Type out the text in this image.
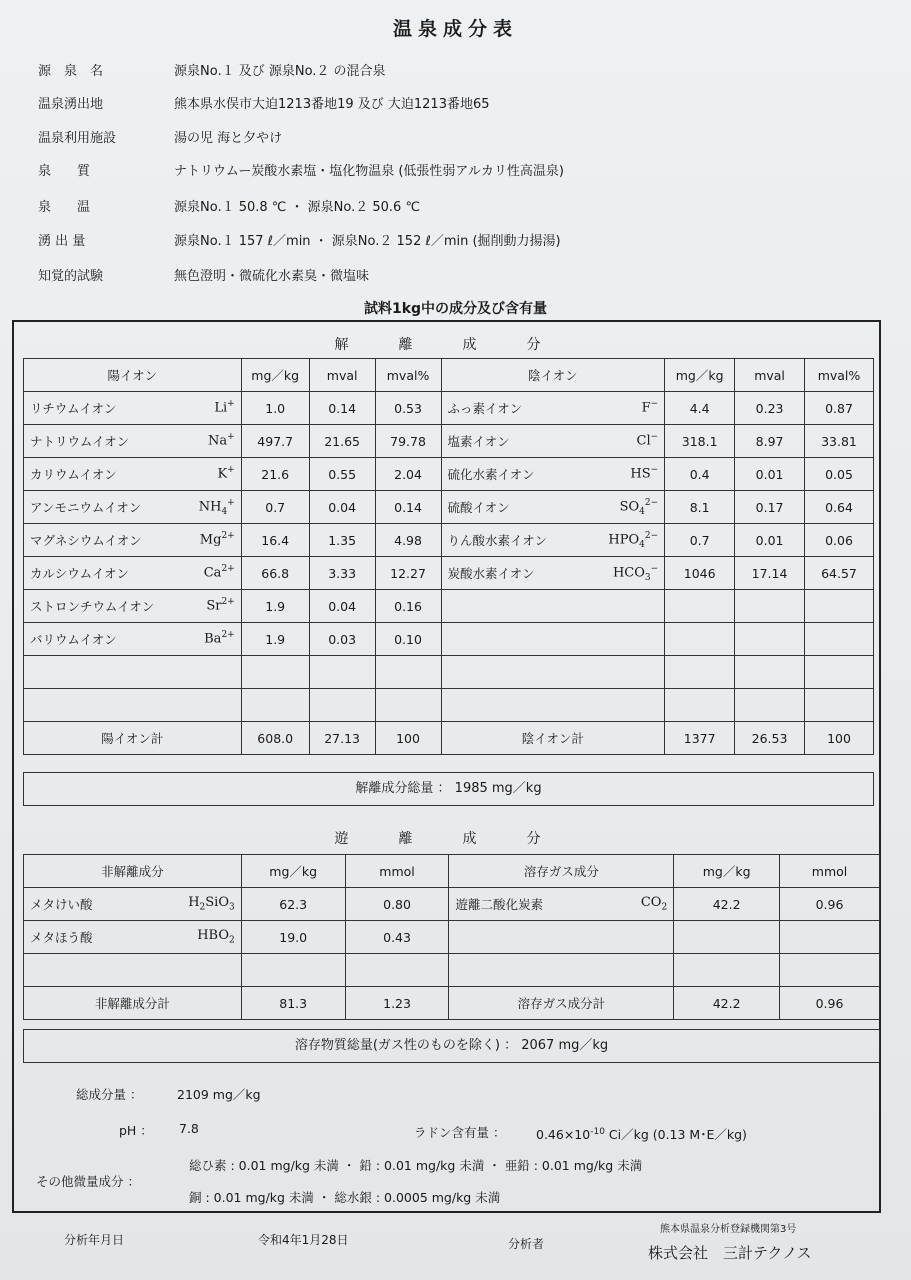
温泉成分表
源　泉　名	源泉No.１ 及び 源泉No.２ の混合泉
温泉湧出地	熊本県水俣市大迫1213番地19 及び 大迫1213番地65
温泉利用施設	湯の児 海と夕やけ
泉　　質	ナトリウムー炭酸水素塩・塩化物温泉 (低張性弱アルカリ性高温泉)
泉　　温	源泉No.１ 50.8 ℃ ・ 源泉No.２ 50.6 ℃
湧 出 量	源泉No.１ 157 ℓ／min ・ 源泉No.２ 152 ℓ／min (掘削動力揚湯)
知覚的試験	無色澄明・微硫化水素臭・微塩味
試料1kg中の成分及び含有量
解　離　成　分
陽イオン	mg／kg	mval	mval%	陰イオン	mg／kg	mval	mval%

リチウムイオン Li+	1.0	0.14	0.53	ふっ素イオン F−	4.4	0.23	0.87

ナトリウムイオン Na+	497.7	21.65	79.78	塩素イオン Cl−	318.1	8.97	33.81

カリウムイオン K+	21.6	0.55	2.04	硫化水素イオン HS−	0.4	0.01	0.05

アンモニウムイオン $NH_4^+$	0.7	0.04	0.14	硫酸イオン $SO_4^{2-}$	8.1	0.17	0.64

マグネシウムイオン $Mg^{2+}$	16.4	1.35	4.98	りん酸水素イオン $HPO_4^{2-}$	0.7	0.01	0.06

カルシウムイオン $Ca^{2+}$	66.8	3.33	12.27	炭酸水素イオン $HCO_3^-$	1046	17.14	64.57

ストロンチウムイオン $Sr^{2+}$	1.9	0.04	0.16	

バリウムイオン $Ba^{2+}$	1.9	0.03	0.10	

陽イオン計	608.0	27.13	100	陰イオン計	1377	26.53	100
解離成分総量 ： 1985 mg／kg
遊　離　成　分
非解離成分	mg／kg	mmol	溶存ガス成分	mg／kg	mmol

メタけい酸 $H_2SiO_3$	62.3	0.80	遊離二酸化炭素 $CO_2$	42.2	0.96

メタほう酸 $HBO_2$	19.0	0.43	

非解離成分計	81.3	1.23	溶存ガス成分計	42.2	0.96
溶存物質総量(ガス性のものを除く) ： 2067 mg／kg
総成分量 ：	2109 mg／kg
pH ： 7.8	ラドン含有量 ： $0.46\times 10^{-10}$ Ci／kg (0.13 M･E／kg)
その他微量成分 ：
総ひ素 : 0.01 mg/kg 未満 ・ 鉛 : 0.01 mg/kg 未満 ・ 亜鉛 : 0.01 mg/kg 未満
銅 : 0.01 mg/kg 未満 ・ 総水銀 : 0.0005 mg/kg 未満
分析年月日	令和4年1月28日	分析者
熊本県温泉分析登録機関第3号
株式会社　三計テクノス
